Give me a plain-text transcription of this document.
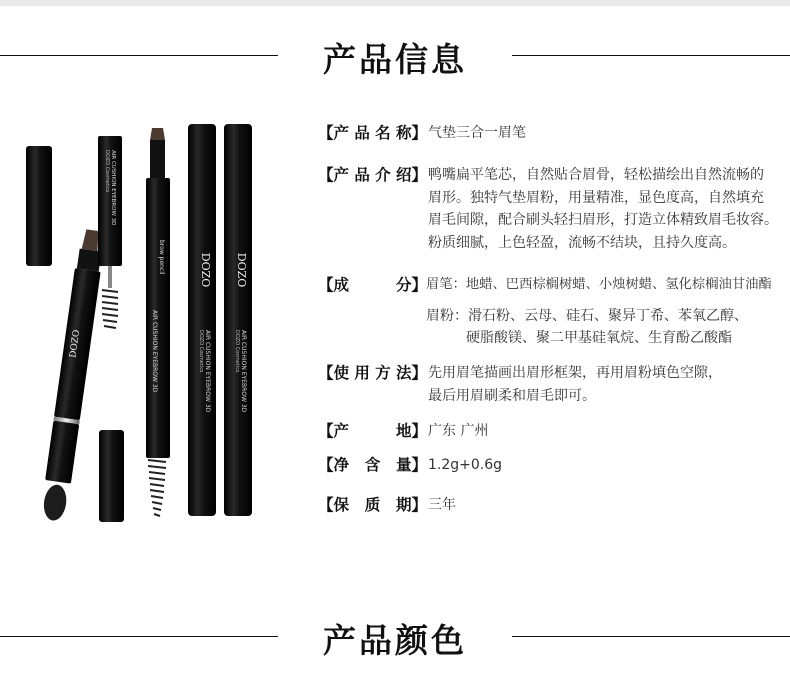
产品信息
DOZO
AIR CUSHION EYEBROW 3D
DOZO Cosmetics
brow pencil
AIR CUSHION EYEBROW 3D
DOZO
AIR CUSHION EYEBROW 3D
DOZO Cosmetics
DOZO
AIR CUSHION EYEBROW 3D
DOZO Cosmetics
【产品名称】 气垫三合一眉笔
【产品介绍】 鸭嘴扁平笔芯，自然贴合眉骨，轻松描绘出自然流畅的
眉形。独特气垫眉粉，用量精准，显色度高，自然填充
眉毛间隙，配合刷头轻扫眉形，打造立体精致眉毛妆容。
粉质细腻，上色轻盈，流畅不结块，且持久度高。
【成　　分】
眉笔：地蜡、巴西棕榈树蜡、小烛树蜡、氢化棕榈油甘油酯
眉粉：滑石粉、云母、硅石、聚异丁希、苯氧乙醇、
硬脂酸镁、聚二甲基硅氧烷、生育酚乙酸酯
【使用方法】 先用眉笔描画出眉形框架，再用眉粉填色空隙，
最后用眉刷柔和眉毛即可。
【产　　地】 广东 广州
【净 含 量】 1.2g+0.6g
【保 质 期】 三年
产品颜色
